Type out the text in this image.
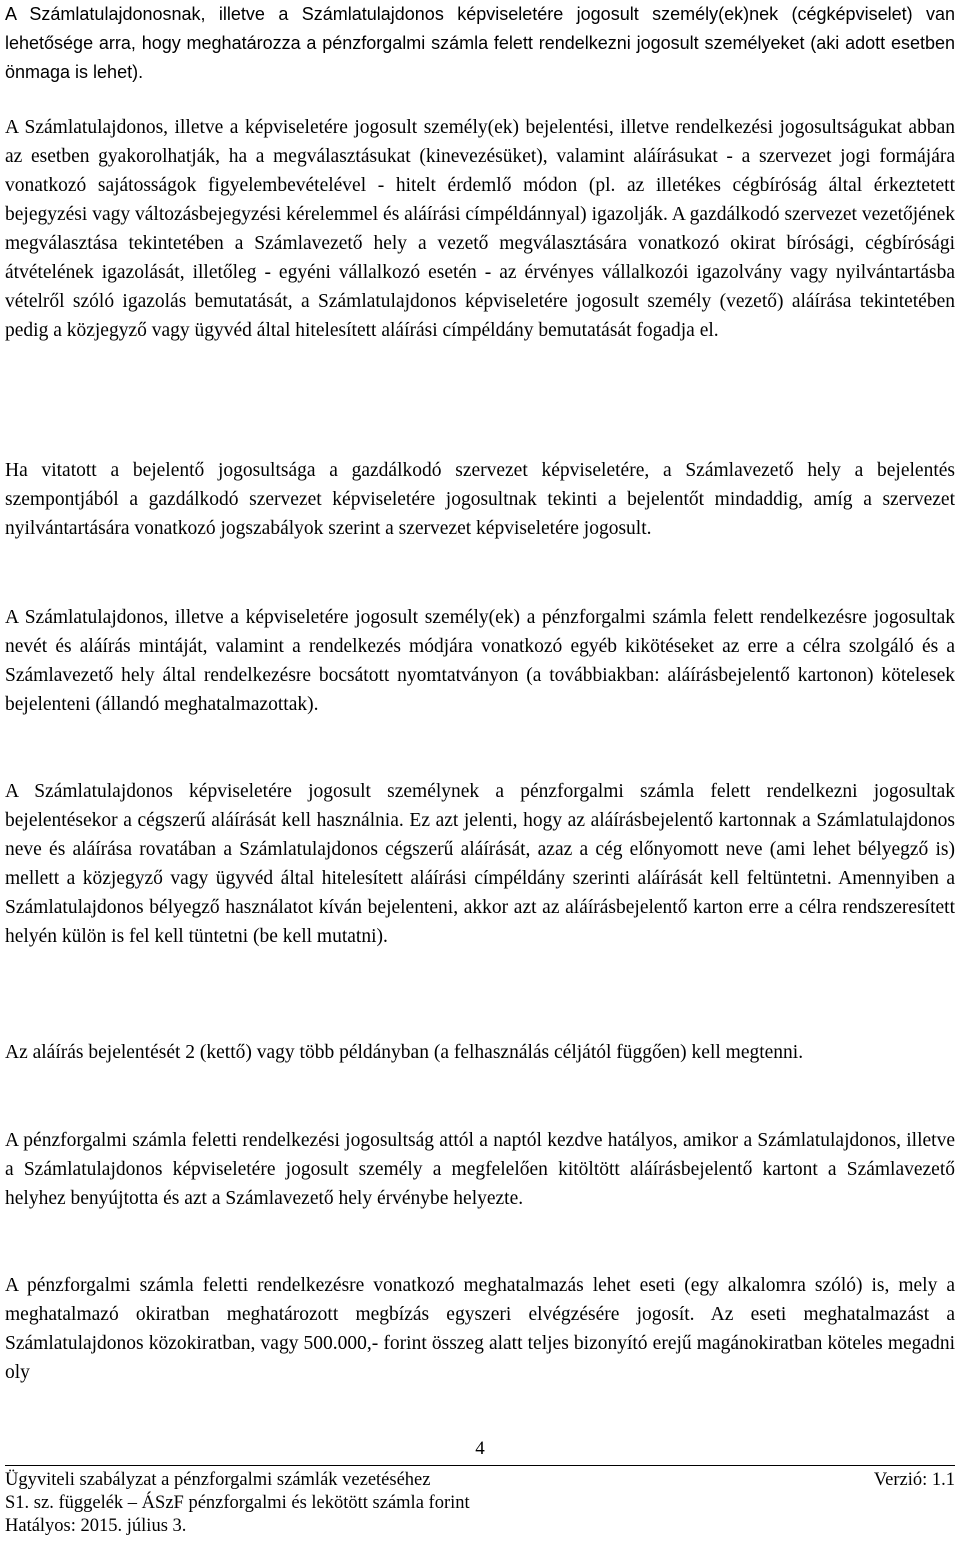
A Számlatulajdonosnak, illetve a Számlatulajdonos képviseletére jogosult személy(ek)nek (cégképviselet) van lehetősége arra, hogy meghatározza a pénzforgalmi számla felett rendelkezni jogosult személyeket (aki adott esetben önmaga is lehet).

A Számlatulajdonos, illetve a képviseletére jogosult személy(ek) bejelentési, illetve rendelkezési jogosultságukat abban az esetben gyakorolhatják, ha a megválasztásukat (kinevezésüket), valamint aláírásukat - a szervezet jogi formájára vonatkozó sajátosságok figyelembevételével - hitelt érdemlő módon (pl. az illetékes cégbíróság által érkeztetett bejegyzési vagy változásbejegyzési kérelemmel és aláírási címpéldánnyal) igazolják. A gazdálkodó szervezet vezetőjének megválasztása tekintetében a Számlavezető hely a vezető megválasztására vonatkozó okirat bírósági, cégbírósági átvételének igazolását, illetőleg - egyéni vállalkozó esetén - az érvényes vállalkozói igazolvány vagy nyilvántartásba vételről szóló igazolás bemutatását, a Számlatulajdonos képviseletére jogosult személy (vezető) aláírása tekintetében pedig a közjegyző vagy ügyvéd által hitelesített aláírási címpéldány bemutatását fogadja el.

Ha vitatott a bejelentő jogosultsága a gazdálkodó szervezet képviseletére, a Számlavezető hely a bejelentés szempontjából a gazdálkodó szervezet képviseletére jogosultnak tekinti a bejelentőt mindaddig, amíg a szervezet nyilvántartására vonatkozó jogszabályok szerint a szervezet képviseletére jogosult.

A Számlatulajdonos, illetve a képviseletére jogosult személy(ek) a pénzforgalmi számla felett rendelkezésre jogosultak nevét és aláírás mintáját, valamint a rendelkezés módjára vonatkozó egyéb kikötéseket az erre a célra szolgáló és a Számlavezető hely által rendelkezésre bocsátott nyomtatványon (a továbbiakban: aláírásbejelentő kartonon) kötelesek bejelenteni (állandó meghatalmazottak).

A Számlatulajdonos képviseletére jogosult személynek a pénzforgalmi számla felett rendelkezni jogosultak bejelentésekor a cégszerű aláírását kell használnia. Ez azt jelenti, hogy az aláírásbejelentő kartonnak a Számlatulajdonos neve és aláírása rovatában a Számlatulajdonos cégszerű aláírását, azaz a cég előnyomott neve (ami lehet bélyegző is) mellett a közjegyző vagy ügyvéd által hitelesített aláírási címpéldány szerinti aláírását kell feltüntetni. Amennyiben a Számlatulajdonos bélyegző használatot kíván bejelenteni, akkor azt az aláírásbejelentő karton erre a célra rendszeresített helyén külön is fel kell tüntetni (be kell mutatni).

Az aláírás bejelentését 2 (kettő) vagy több példányban (a felhasználás céljától függően) kell megtenni.

A pénzforgalmi számla feletti rendelkezési jogosultság attól a naptól kezdve hatályos, amikor a Számlatulajdonos, illetve a Számlatulajdonos képviseletére jogosult személy a megfelelően kitöltött aláírásbejelentő kartont a Számlavezető helyhez benyújtotta és azt a Számlavezető hely érvénybe helyezte.

A pénzforgalmi számla feletti rendelkezésre vonatkozó meghatalmazás lehet eseti (egy alkalomra szóló) is, mely a meghatalmazó okiratban meghatározott megbízás egyszeri elvégzésére jogosít. Az eseti meghatalmazást a Számlatulajdonos közokiratban, vagy 500.000,- forint összeg alatt teljes bizonyító erejű magánokiratban köteles megadni oly

4
Ügyviteli szabályzat a pénzforgalmi számlák vezetéséhez	Verzió: 1.1
S1. sz. függelék – ÁSzF pénzforgalmi és lekötött számla forint
Hatályos: 2015. július 3.
